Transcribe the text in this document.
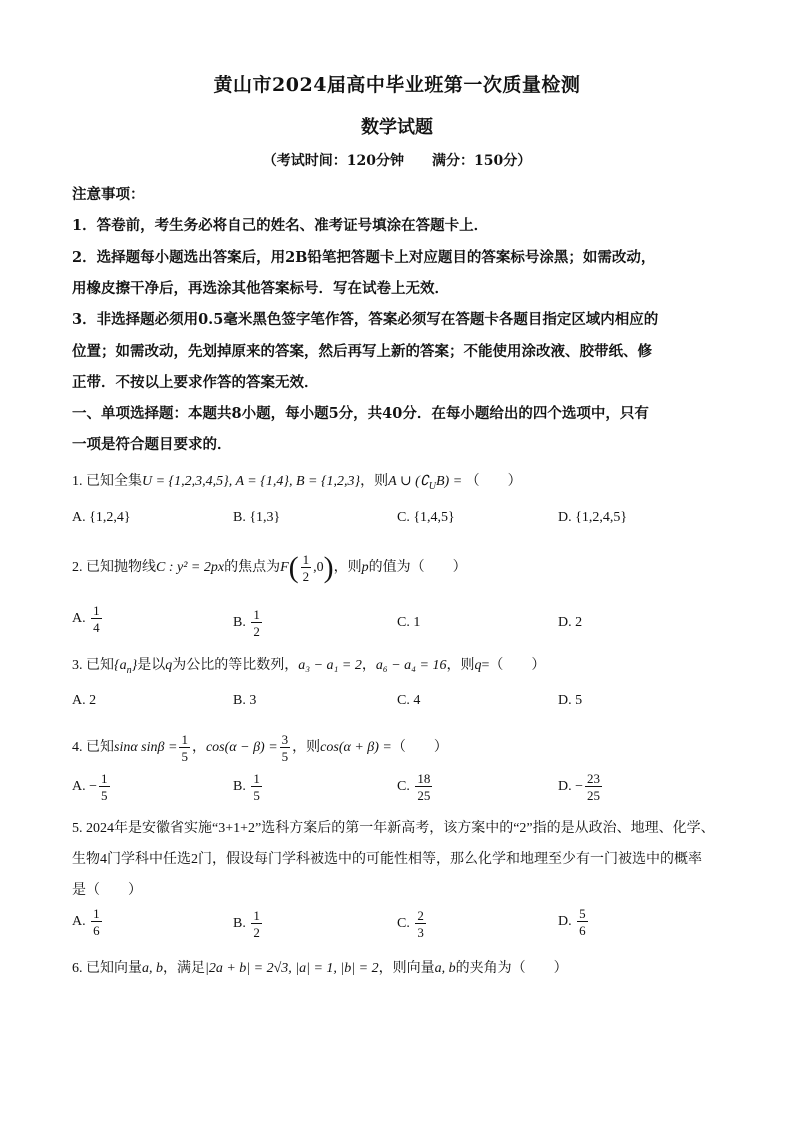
黄山市2024届高中毕业班第一次质量检测
数学试题
（考试时间：120分钟　　满分：150分）
注意事项：
1．答卷前，考生务必将自己的姓名、准考证号填涂在答题卡上．
2．选择题每小题选出答案后，用2B铅笔把答题卡上对应题目的答案标号涂黑；如需改动，
用橡皮擦干净后，再选涂其他答案标号．写在试卷上无效．
3．非选择题必须用0.5毫米黑色签字笔作答，答案必须写在答题卡各题目指定区域内相应的
位置；如需改动，先划掉原来的答案，然后再写上新的答案；不能使用涂改液、胶带纸、修
正带．不按以上要求作答的答案无效．
一、单项选择题：本题共8小题，每小题5分，共40分．在每小题给出的四个选项中，只有
一项是符合题目要求的．
1. 已知全集U = {1,2,3,4,5}, A = {1,4}, B = {1,2,3}，则A ∪ $(∁_UB)$ = （　　）
A. {1,2,4}	B. {1,3}	C. {1,4,5}	D. {1,2,4,5}
2. 已知抛物线C : y² = 2px的焦点为$F( \frac{1}{2} ,0)$，则p的值为（　　）
A. $\frac{1}{4}$	B. $\frac{1}{2}$	C. 1	D. 2
3. 已知$\{a_n\}$是以q为公比的等比数列，a₃ − a₁ = 2，a₆ − a₄ = 16，则q=（　　）
A. 2	B. 3	C. 4	D. 5
4. 已知sinα $\sin\beta = \frac{1}{5}$ ，$\cos(\alpha - \beta) = \frac{3}{5}$ ，则cos(α + β) =（　　）
A. − $\frac{1}{5}$	B. $\frac{1}{5}$	C. $\frac{18}{25}$	D. − $\frac{23}{25}$
5. 2024年是安徽省实施“3+1+2”选科方案后的第一年新高考，该方案中的“2”指的是从政治、地理、化学、
生物4门学科中任选2门，假设每门学科被选中的可能性相等，那么化学和地理至少有一门被选中的概率
是（　　）
A. $\frac{1}{6}$	B. $\frac{1}{2}$	C. $\frac{2}{3}$	D. $\frac{5}{6}$
6. 已知向量a, b，满足|2a + b| = 2√3, |a| = 1, |b| = 2，则向量a, b的夹角为（　　）
